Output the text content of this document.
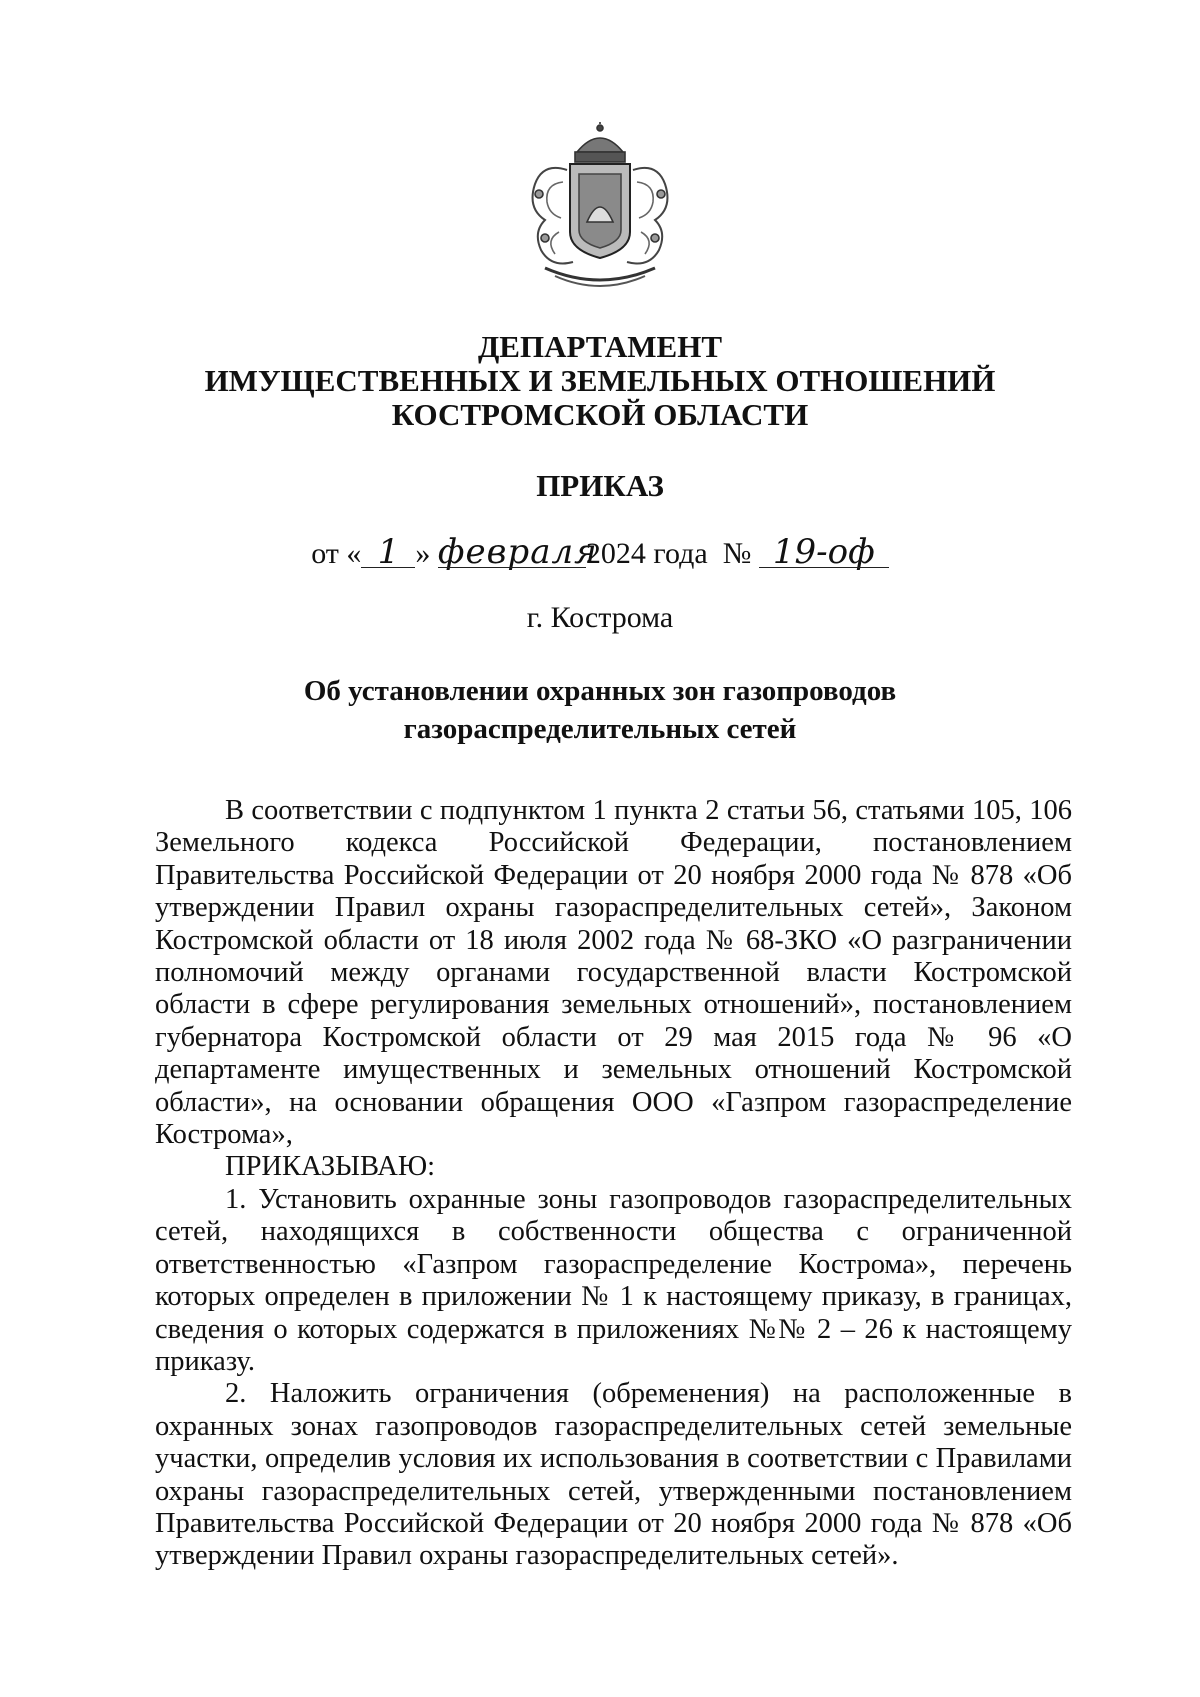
ДЕПАРТАМЕНТ
ИМУЩЕСТВЕННЫХ И ЗЕМЕЛЬНЫХ ОТНОШЕНИЙ
КОСТРОМСКОЙ ОБЛАСТИ
ПРИКАЗ
от « 1 » февраля2024 года № 19-оф
г. Кострома
Об установлении охранных зон газопроводов
газораспределительных сетей

В соответствии с подпунктом 1 пункта 2 статьи 56, статьями 105, 106 Земельного кодекса Российской Федерации, постановлением Правительства Российской Федерации от 20 ноября 2000 года № 878 «Об утверждении Правил охраны газораспределительных сетей», Законом Костромской области от 18 июля 2002 года № 68-ЗКО «О разграничении полномочий между органами государственной власти Костромской области в сфере регулирования земельных отношений», постановлением губернатора Костромской области от 29 мая 2015 года № 96 «О департаменте имущественных и земельных отношений Костромской области», на основании обращения ООО «Газпром газораспределение Кострома»,

ПРИКАЗЫВАЮ:

1. Установить охранные зоны газопроводов газораспределительных сетей, находящихся в собственности общества с ограниченной ответственностью «Газпром газораспределение Кострома», перечень которых определен в приложении № 1 к настоящему приказу, в границах, сведения о которых содержатся в приложениях №№ 2 – 26 к настоящему приказу.

2. Наложить ограничения (обременения) на расположенные в охранных зонах газопроводов газораспределительных сетей земельные участки, определив условия их использования в соответствии с Правилами охраны газораспределительных сетей, утвержденными постановлением Правительства Российской Федерации от 20 ноября 2000 года № 878 «Об утверждении Правил охраны газораспределительных сетей».
